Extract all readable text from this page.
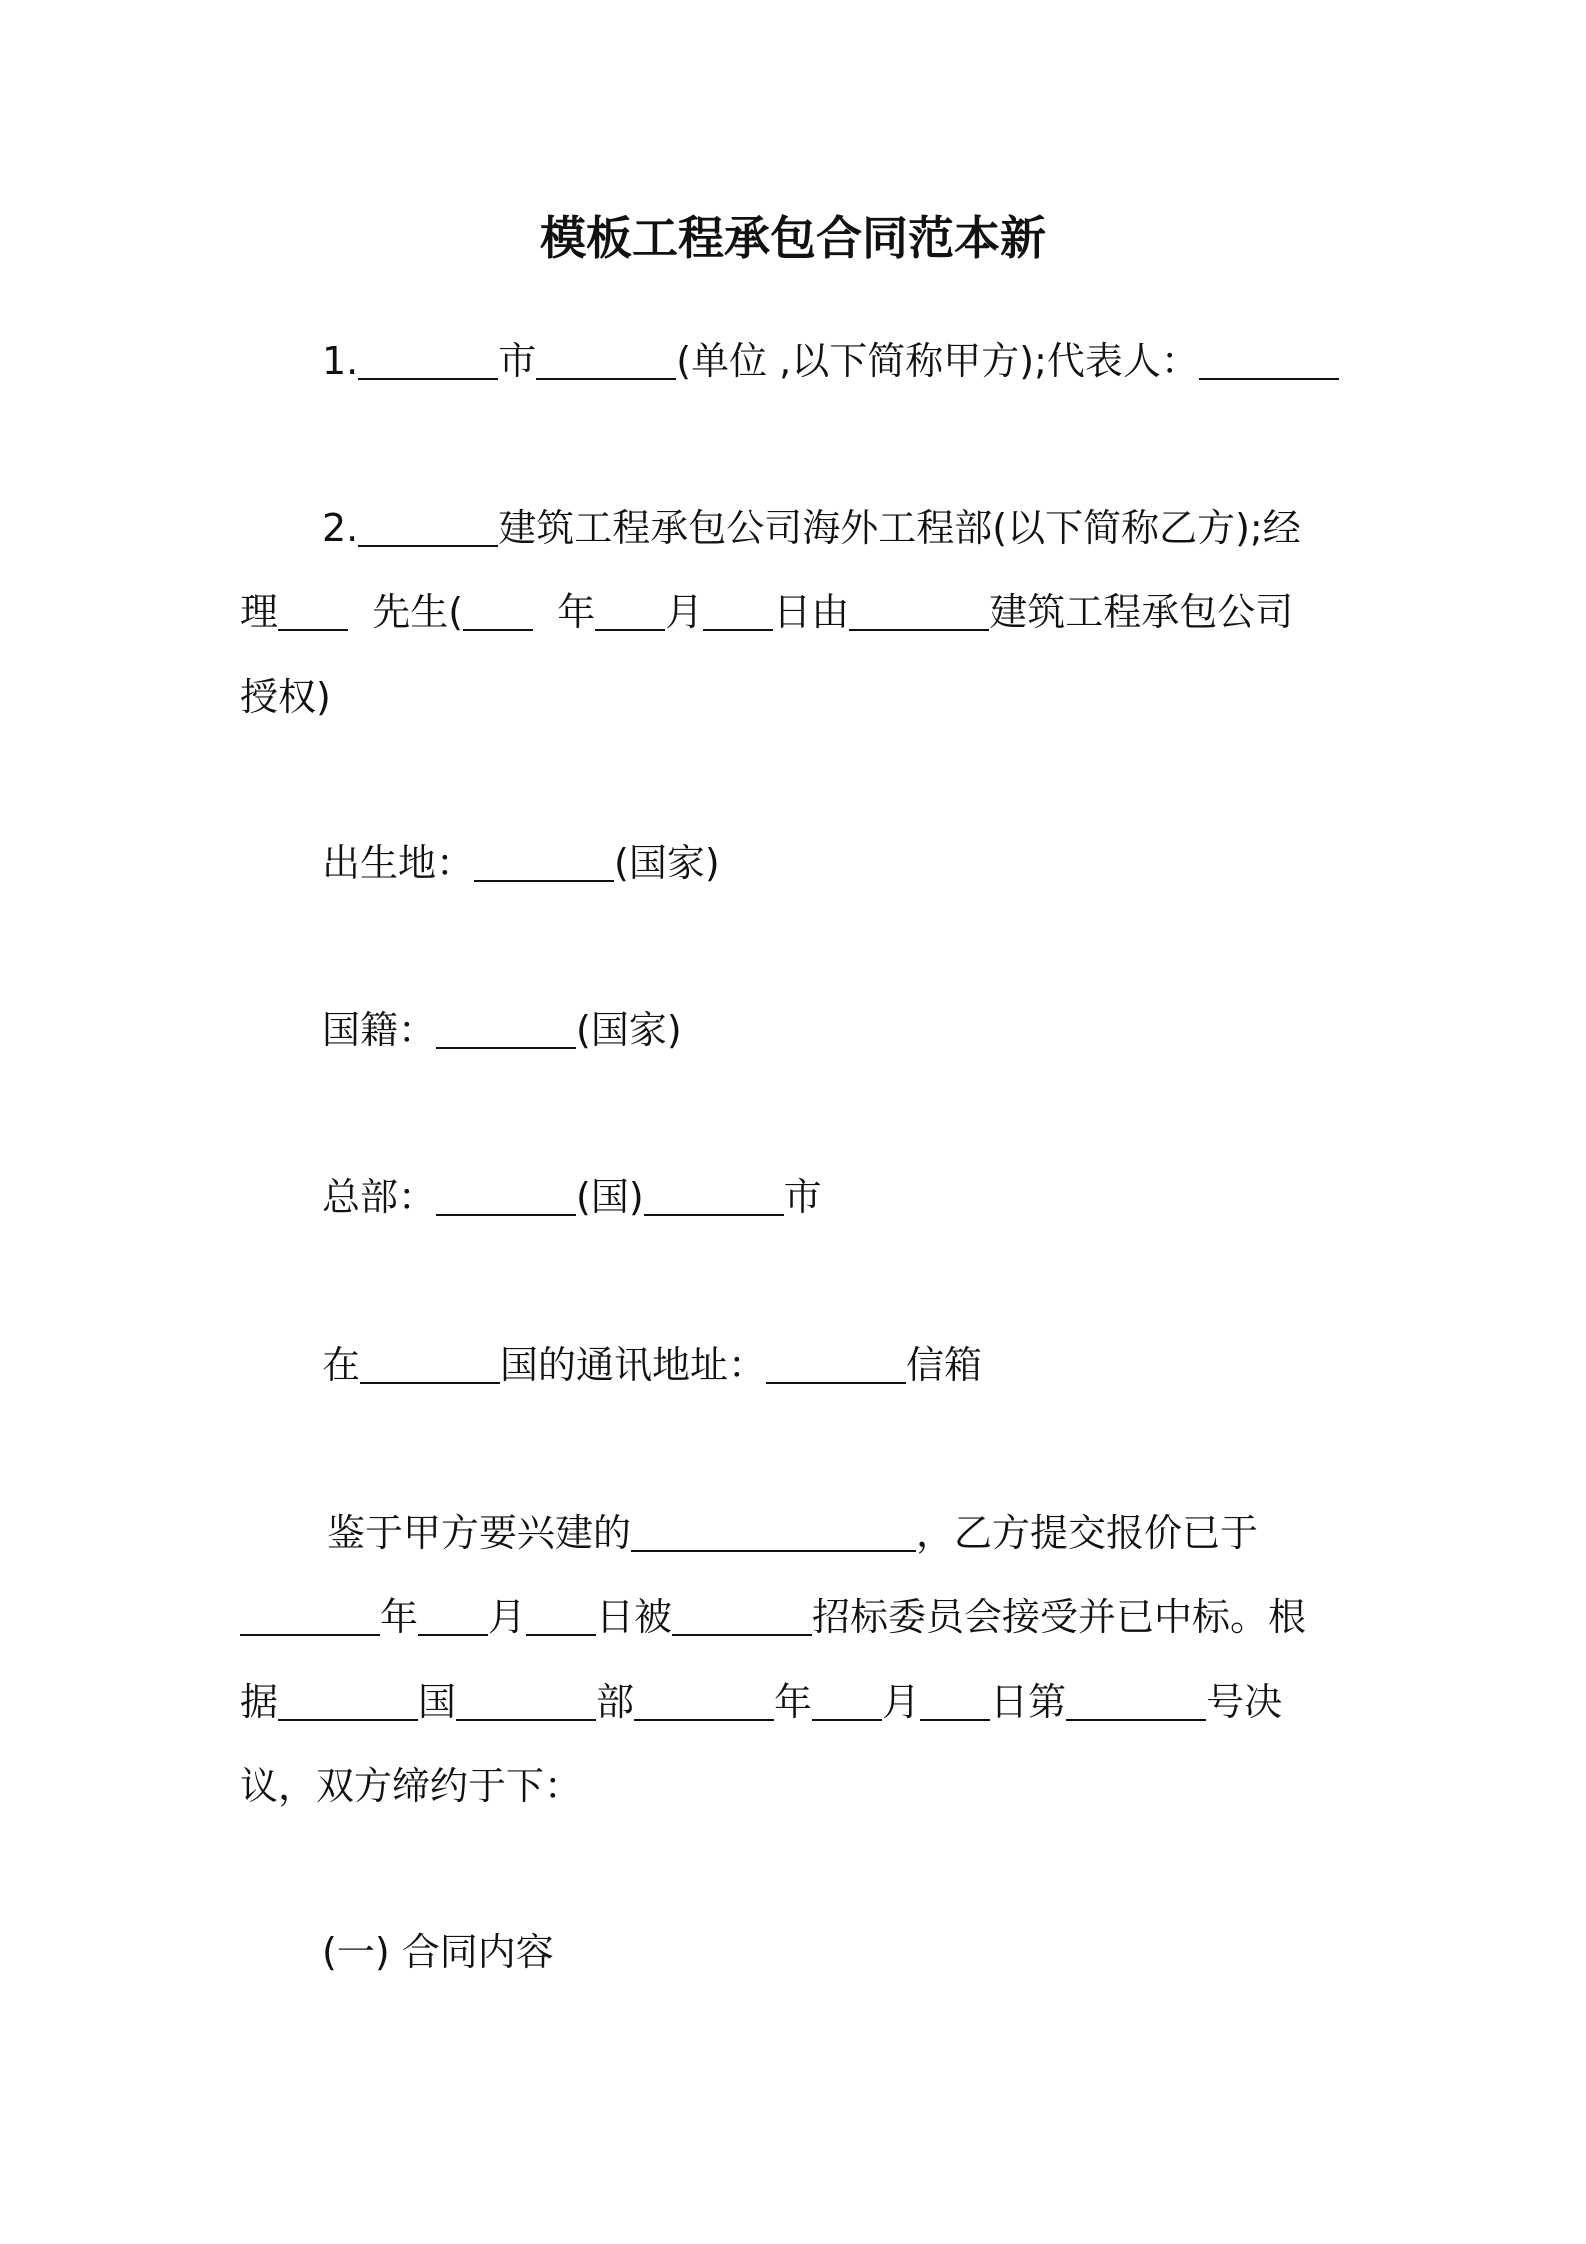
模板工程承包合同范本新
1.	市	(单位 ,以下简称甲方);代表人：
2.	建筑工程承包公司海外工程部(以下简称乙方);经
理 先生( 年 月 日由	建筑工程承包公司
授权)
出生地：	(国家)
国籍：	(国家)
总部：	(国)	市
在	国的通讯地址：	信箱
鉴于甲方要兴建的	，乙方提交报价已于
年 月 日被	招标委员会接受并已中标。根
据	国	部	年 月 日第	号决
议，双方缔约于下：
(一) 合同内容
